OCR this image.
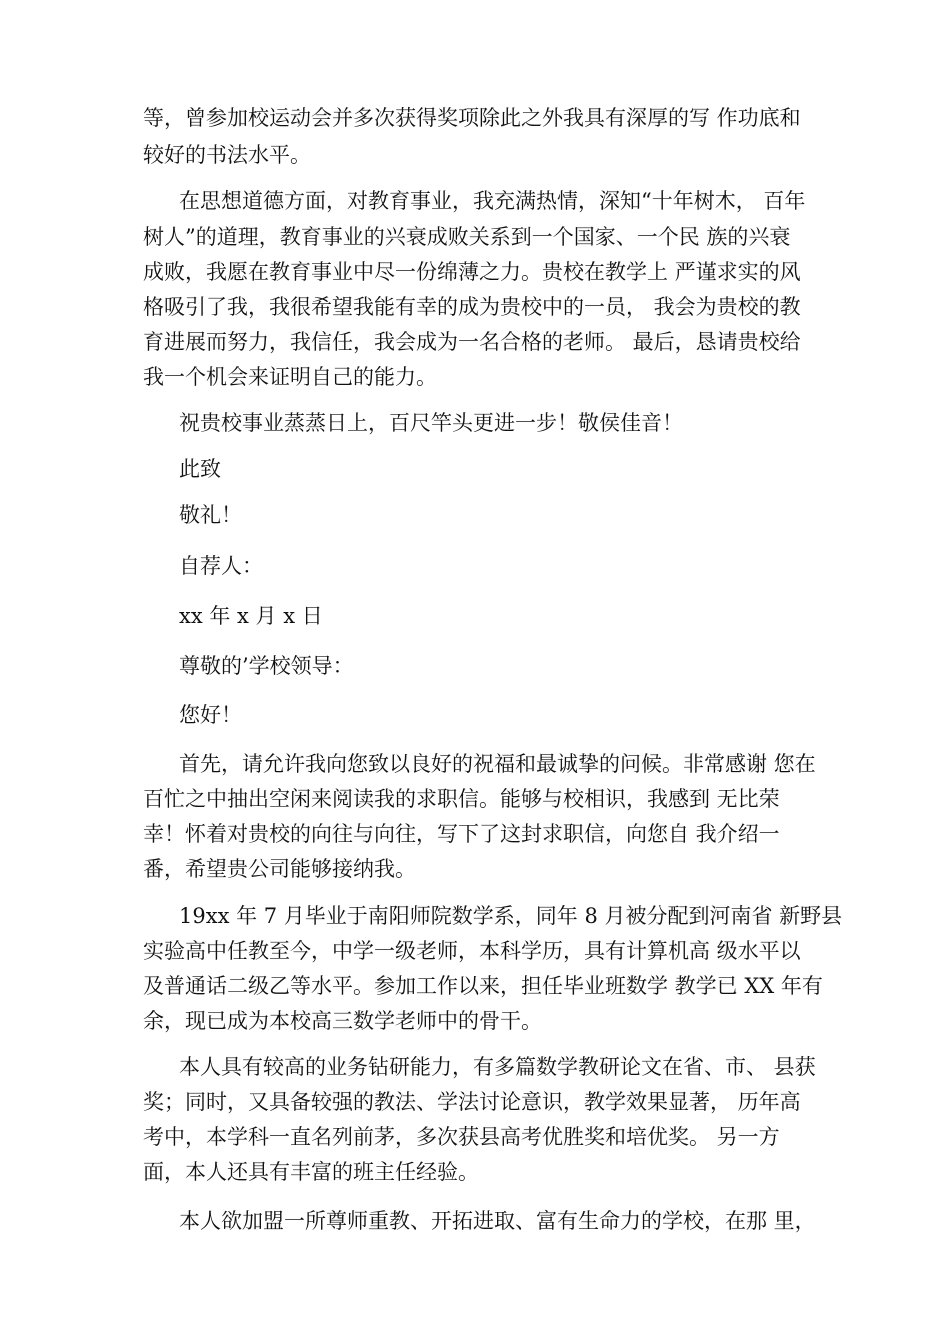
等，曾参加校运动会并多次获得奖项除此之外我具有深厚的写 作功底和
较好的书法水平。
在思想道德方面，对教育事业，我充满热情，深知“十年树木， 百年
树人”的道理，教育事业的兴衰成败关系到一个国家、一个民 族的兴衰
成败，我愿在教育事业中尽一份绵薄之力。贵校在教学上 严谨求实的风
格吸引了我，我很希望我能有幸的成为贵校中的一员， 我会为贵校的教
育进展而努力，我信任，我会成为一名合格的老师。 最后，恳请贵校给
我一个机会来证明自己的能力。
祝贵校事业蒸蒸日上，百尺竿头更进一步！敬侯佳音！
此致
敬礼！
自荐人：
xx 年 x 月 x 日
尊敬的’学校领导：
您好！
首先，请允许我向您致以良好的祝福和最诚挚的问候。非常感谢 您在
百忙之中抽出空闲来阅读我的求职信。能够与校相识，我感到 无比荣
幸！怀着对贵校的向往与向往，写下了这封求职信，向您自 我介绍一
番，希望贵公司能够接纳我。
19xx 年 7 月毕业于南阳师院数学系，同年 8 月被分配到河南省 新野县
实验高中任教至今，中学一级老师，本科学历，具有计算机高 级水平以
及普通话二级乙等水平。参加工作以来，担任毕业班数学 教学已 XX 年有
余，现已成为本校高三数学老师中的骨干。
本人具有较高的业务钻研能力，有多篇数学教研论文在省、市、 县获
奖；同时，又具备较强的教法、学法讨论意识，教学效果显著， 历年高
考中，本学科一直名列前茅，多次获县高考优胜奖和培优奖。 另一方
面，本人还具有丰富的班主任经验。
本人欲加盟一所尊师重教、开拓进取、富有生命力的学校，在那 里，
